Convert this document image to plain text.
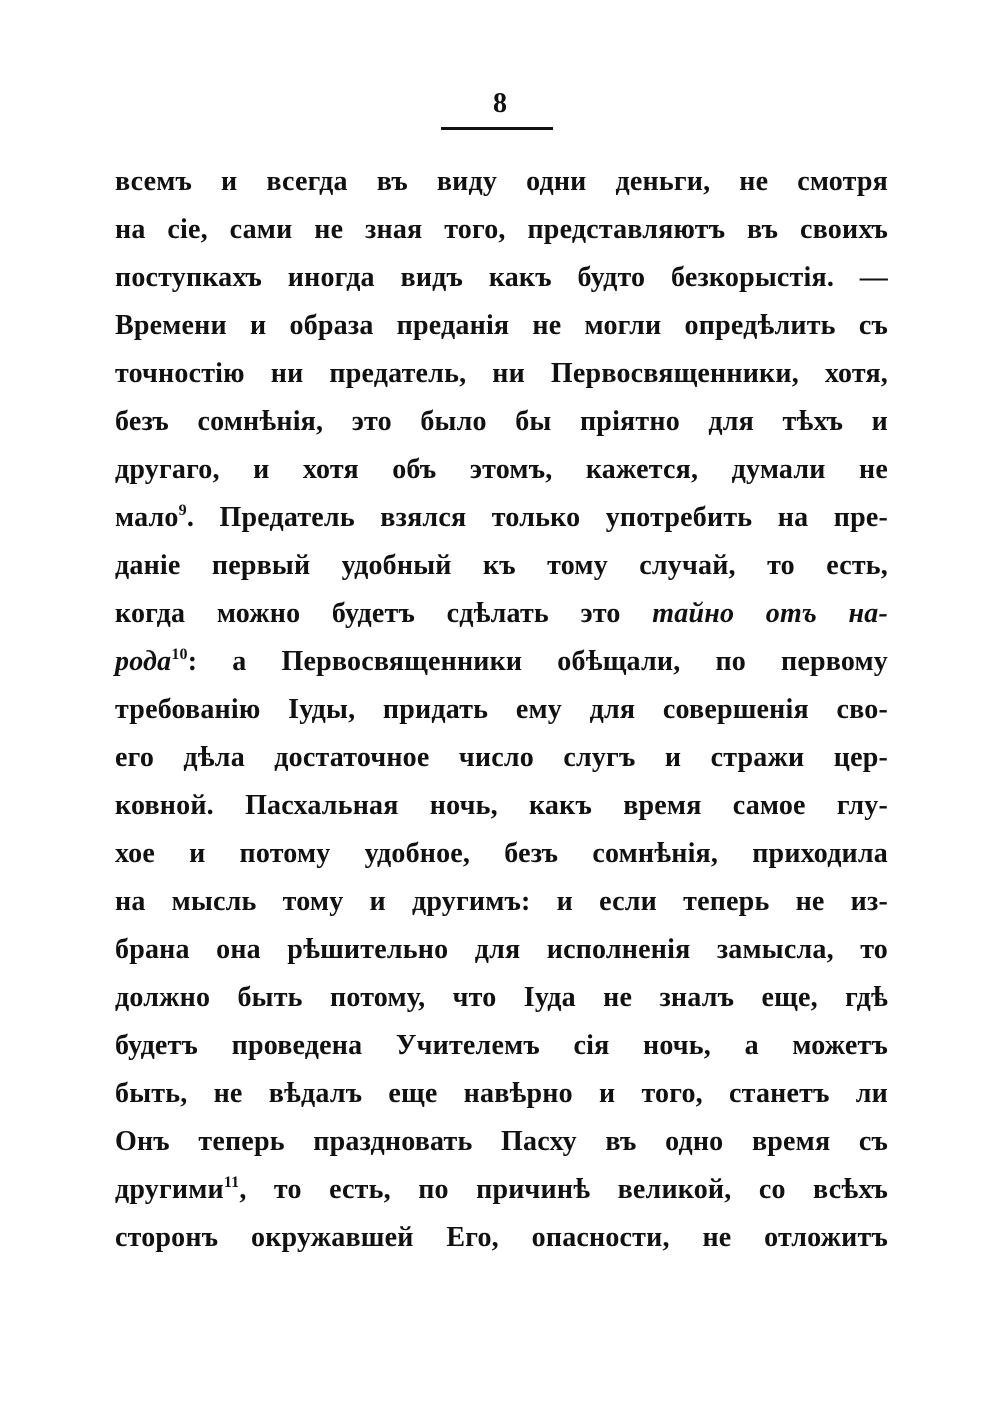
8
всемъ и всегда въ виду одни деньги, не смотря
на сіе, сами не зная того, представляютъ въ своихъ
поступкахъ иногда видъ какъ будто безкорыстія. —
Времени и образа преданія не могли опредѣлить съ
точностію ни предатель, ни Первосвященники, хотя,
безъ сомнѣнія, это было бы пріятно для тѣхъ и
другаго, и хотя объ этомъ, кажется, думали не
мало$^9$. Предатель взялся только употребить на пре-
даніе первый удобный къ тому случай, то есть,
когда можно будетъ сдѣлать это тайно отъ на-
рода$^{10}$: а Первосвященники обѣщали, по первому
требованію Іуды, придать ему для совершенія сво-
его дѣла достаточное число слугъ и стражи цер-
ковной. Пасхальная ночь, какъ время самое глу-
хое и потому удобное, безъ сомнѣнія, приходила
на мысль тому и другимъ: и если теперь не из-
брана она рѣшительно для исполненія замысла, то
должно быть потому, что Іуда не зналъ еще, гдѣ
будетъ проведена Учителемъ сія ночь, а можетъ
быть, не вѣдалъ еще навѣрно и того, станетъ ли
Онъ теперь праздновать Пасху въ одно время съ
другими$^{11}$, то есть, по причинѣ великой, со всѣхъ
сторонъ окружавшей Его, опасности, не отложитъ
